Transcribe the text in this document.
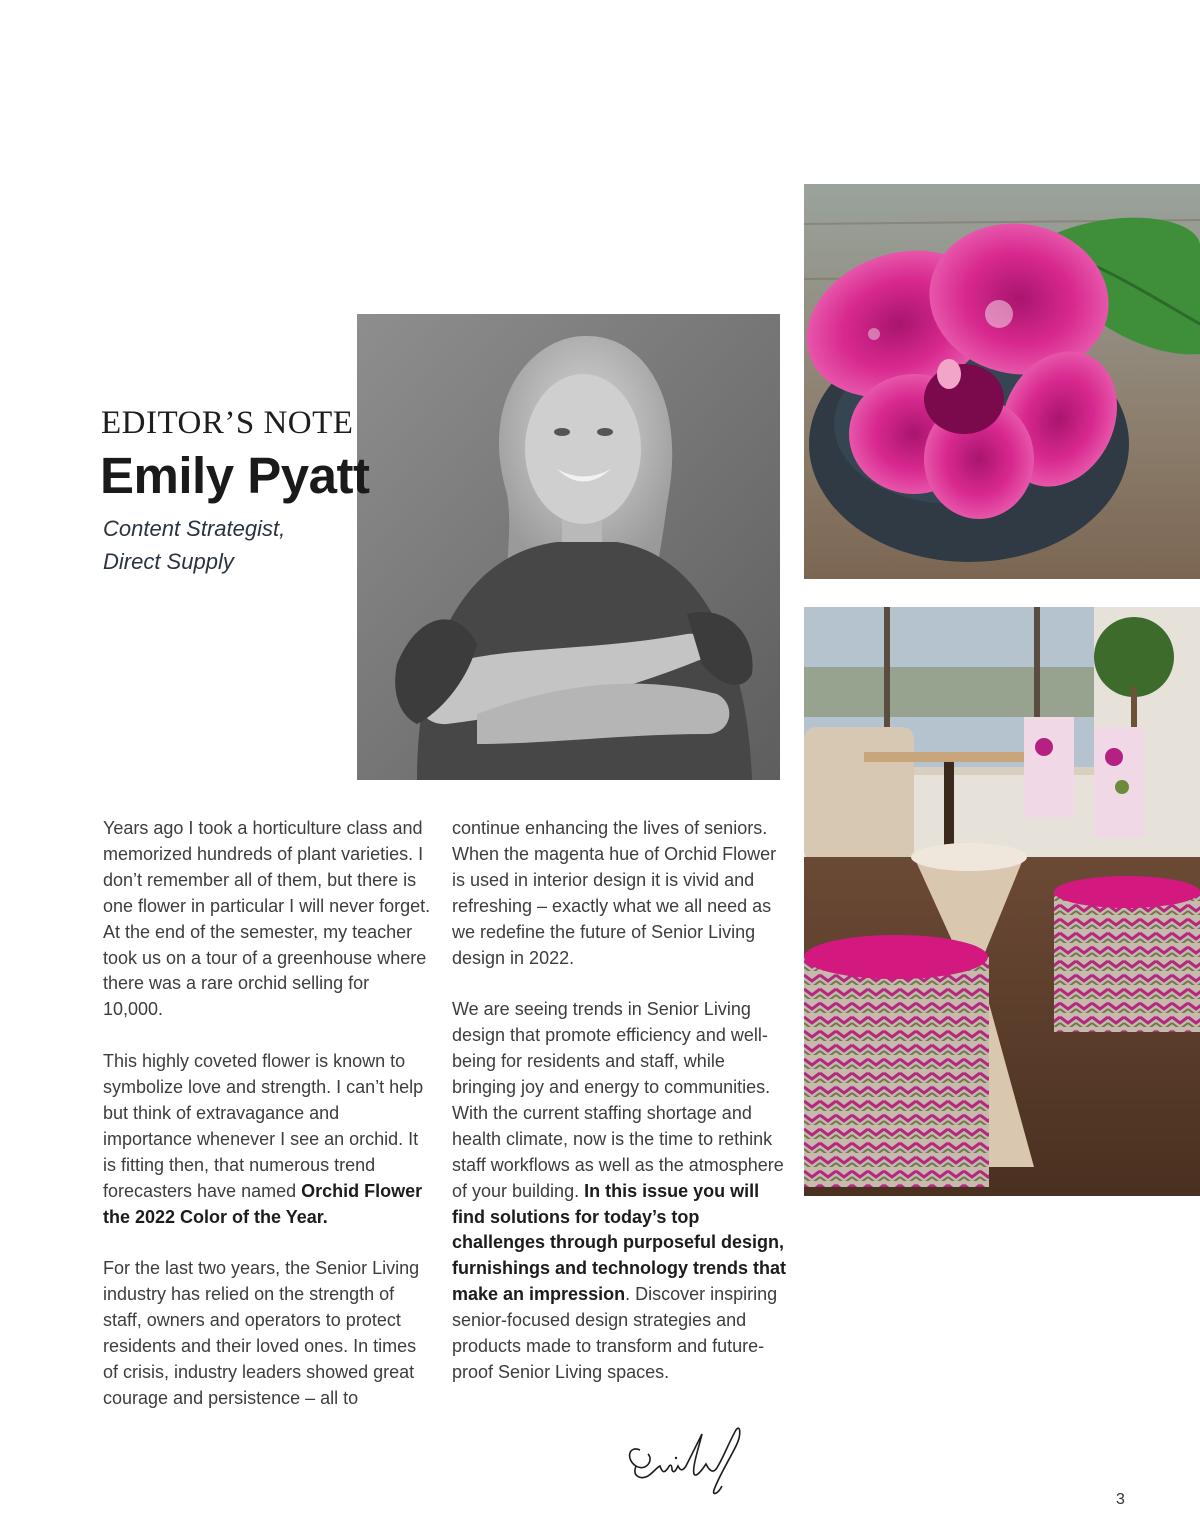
EDITOR’S NOTE
Emily Pyatt

Content Strategist,
Direct Supply

Years ago I took a horticulture class and memorized hundreds of plant varieties. I don’t remember all of them, but there is one flower in particular I will never forget. At the end of the semester, my teacher took us on a tour of a greenhouse where there was a rare orchid selling for 10,000.

This highly coveted flower is known to symbolize love and strength. I can’t help but think of extravagance and importance whenever I see an orchid. It is fitting then, that numerous trend forecasters have named Orchid Flower the 2022 Color of the Year.

For the last two years, the Senior Living industry has relied on the strength of staff, owners and operators to protect residents and their loved ones. In times of crisis, industry leaders showed great courage and persistence – all to

continue enhancing the lives of seniors. When the magenta hue of Orchid Flower is used in interior design it is vivid and refreshing – exactly what we all need as we redefine the future of Senior Living design in 2022.

We are seeing trends in Senior Living design that promote efficiency and well-being for residents and staff, while bringing joy and energy to communities. With the current staffing shortage and health climate, now is the time to rethink staff workflows as well as the atmosphere of your building. In this issue you will find solutions for today’s top challenges through purposeful design, furnishings and technology trends that make an impression. Discover inspiring senior-focused design strategies and products made to transform and future-proof Senior Living spaces.

3
